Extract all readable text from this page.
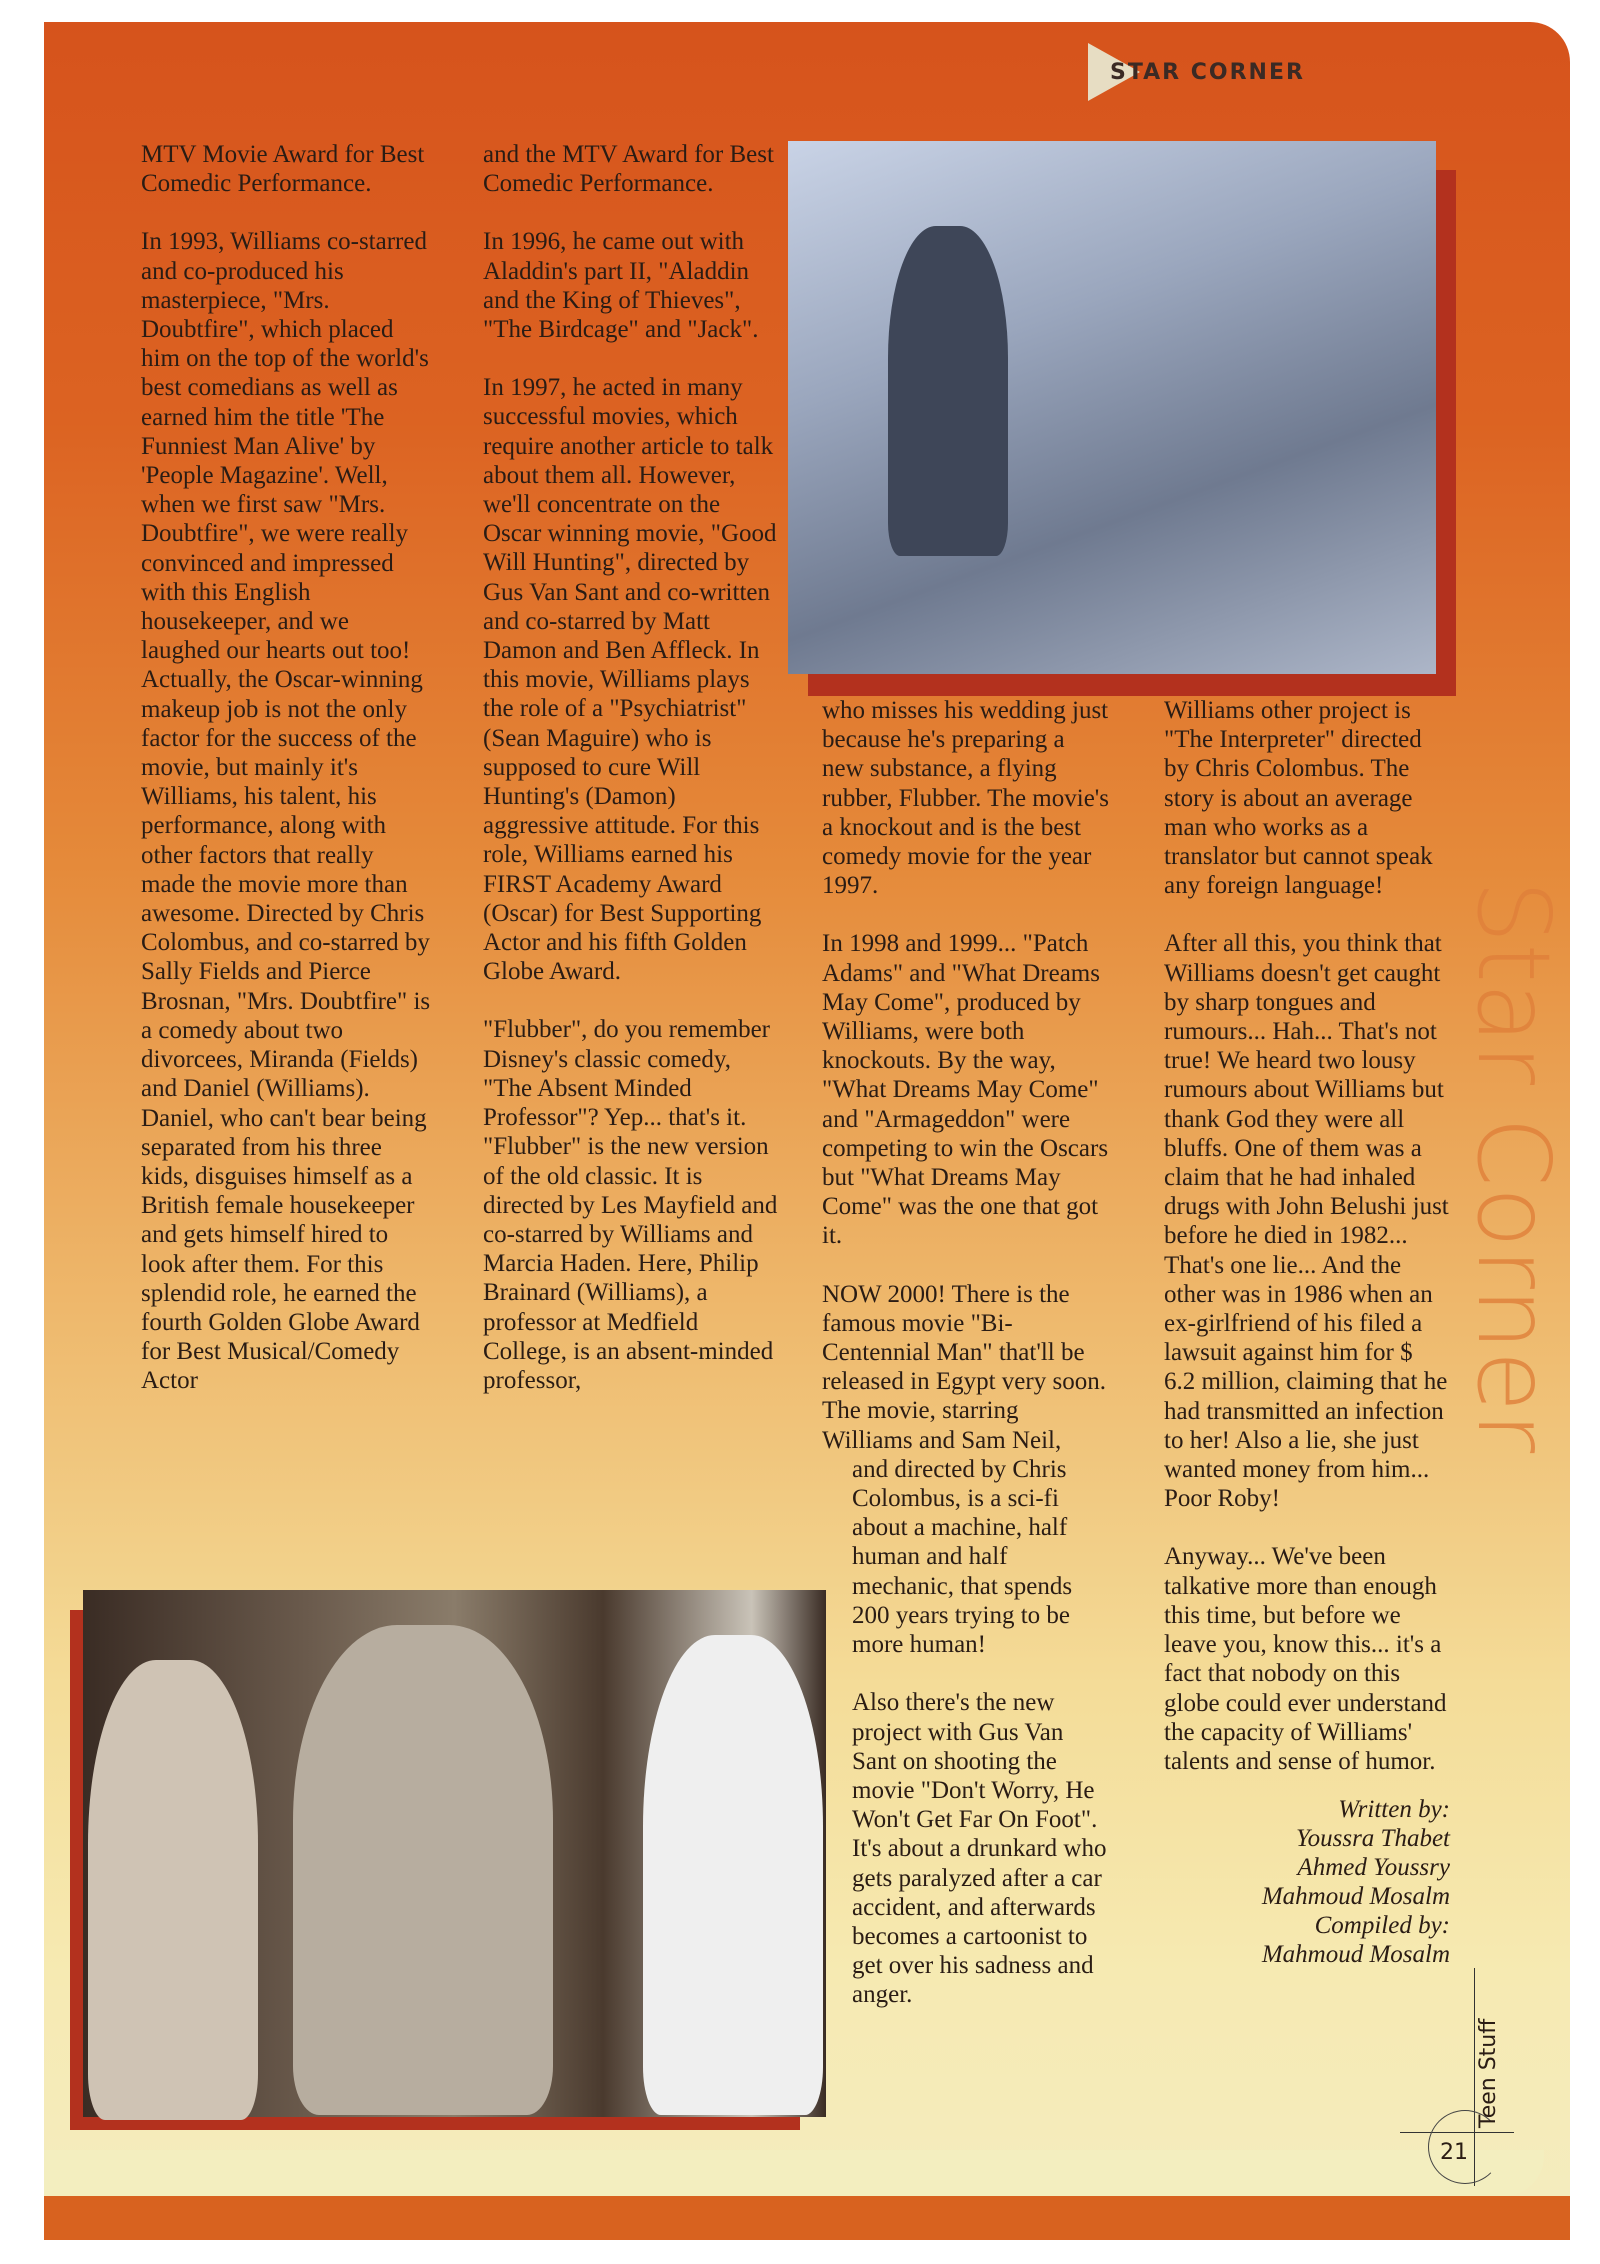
STAR CORNER
Star Corner

MTV Movie Award for Best Comedic Performance.

In 1993, Williams co-starred and co-produced his masterpiece, "Mrs. Doubtfire", which placed him on the top of the world's best comedians as well as earned him the title 'The Funniest Man Alive' by 'People Magazine'. Well, when we first saw "Mrs. Doubtfire", we were really convinced and impressed with this English housekeeper, and we laughed our hearts out too! Actually, the Oscar-winning makeup job is not the only factor for the success of the movie, but mainly it's Williams, his talent, his performance, along with other factors that really made the movie more than awesome. Directed by Chris Colombus, and co-starred by Sally Fields and Pierce Brosnan, "Mrs. Doubtfire" is a comedy about two divorcees, Miranda (Fields) and Daniel (Williams). Daniel, who can't bear being separated from his three kids, disguises himself as a British female housekeeper and gets himself hired to look after them. For this splendid role, he earned the fourth Golden Globe Award for Best Musical/Comedy Actor

and the MTV Award for Best Comedic Performance.

In 1996, he came out with Aladdin's part II, "Aladdin and the King of Thieves", "The Birdcage" and "Jack".

In 1997, he acted in many successful movies, which require another article to talk about them all. However, we'll concentrate on the Oscar winning movie, "Good Will Hunting", directed by Gus Van Sant and co-written and co-starred by Matt Damon and Ben Affleck. In this movie, Williams plays the role of a "Psychiatrist" (Sean Maguire) who is supposed to cure Will Hunting's (Damon) aggressive attitude. For this role, Williams earned his FIRST Academy Award (Oscar) for Best Supporting Actor and his fifth Golden Globe Award.

"Flubber", do you remember Disney's classic comedy, "The Absent Minded Professor"? Yep... that's it. "Flubber" is the new version of the old classic. It is directed by Les Mayfield and co-starred by Williams and Marcia Haden. Here, Philip Brainard (Williams), a professor at Medfield College, is an absent-minded professor,

who misses his wedding just because he's preparing a new substance, a flying rubber, Flubber. The movie's a knockout and is the best comedy movie for the year 1997.

In 1998 and 1999... "Patch Adams" and "What Dreams May Come", produced by Williams, were both knockouts. By the way, "What Dreams May Come" and "Armageddon" were competing to win the Oscars but "What Dreams May Come" was the one that got it.

NOW 2000! There is the famous movie "Bi-Centennial Man" that'll be released in Egypt very soon. The movie, starring Williams and Sam Neil,

and directed by Chris Colombus, is a sci-fi about a machine, half human and half mechanic, that spends 200 years trying to be more human!

Also there's the new project with Gus Van Sant on shooting the movie "Don't Worry, He Won't Get Far On Foot". It's about a drunkard who gets paralyzed after a car accident, and afterwards becomes a cartoonist to get over his sadness and anger.

Williams other project is "The Interpreter" directed by Chris Colombus. The story is about an average man who works as a translator but cannot speak any foreign language!

After all this, you think that Williams doesn't get caught by sharp tongues and rumours... Hah... That's not true! We heard two lousy rumours about Williams but thank God they were all bluffs. One of them was a claim that he had inhaled drugs with John Belushi just before he died in 1982... That's one lie... And the other was in 1986 when an ex-girlfriend of his filed a lawsuit against him for $ 6.2 million, claiming that he had transmitted an infection to her! Also a lie, she just wanted money from him... Poor Roby!

Anyway... We've been talkative more than enough this time, but before we leave you, know this... it's a fact that nobody on this globe could ever understand the capacity of Williams' talents and sense of humor.

Written by:
Youssra Thabet
Ahmed Youssry
Mahmoud Mosalm
Compiled by:
Mahmoud Mosalm
Teen Stuff
21
